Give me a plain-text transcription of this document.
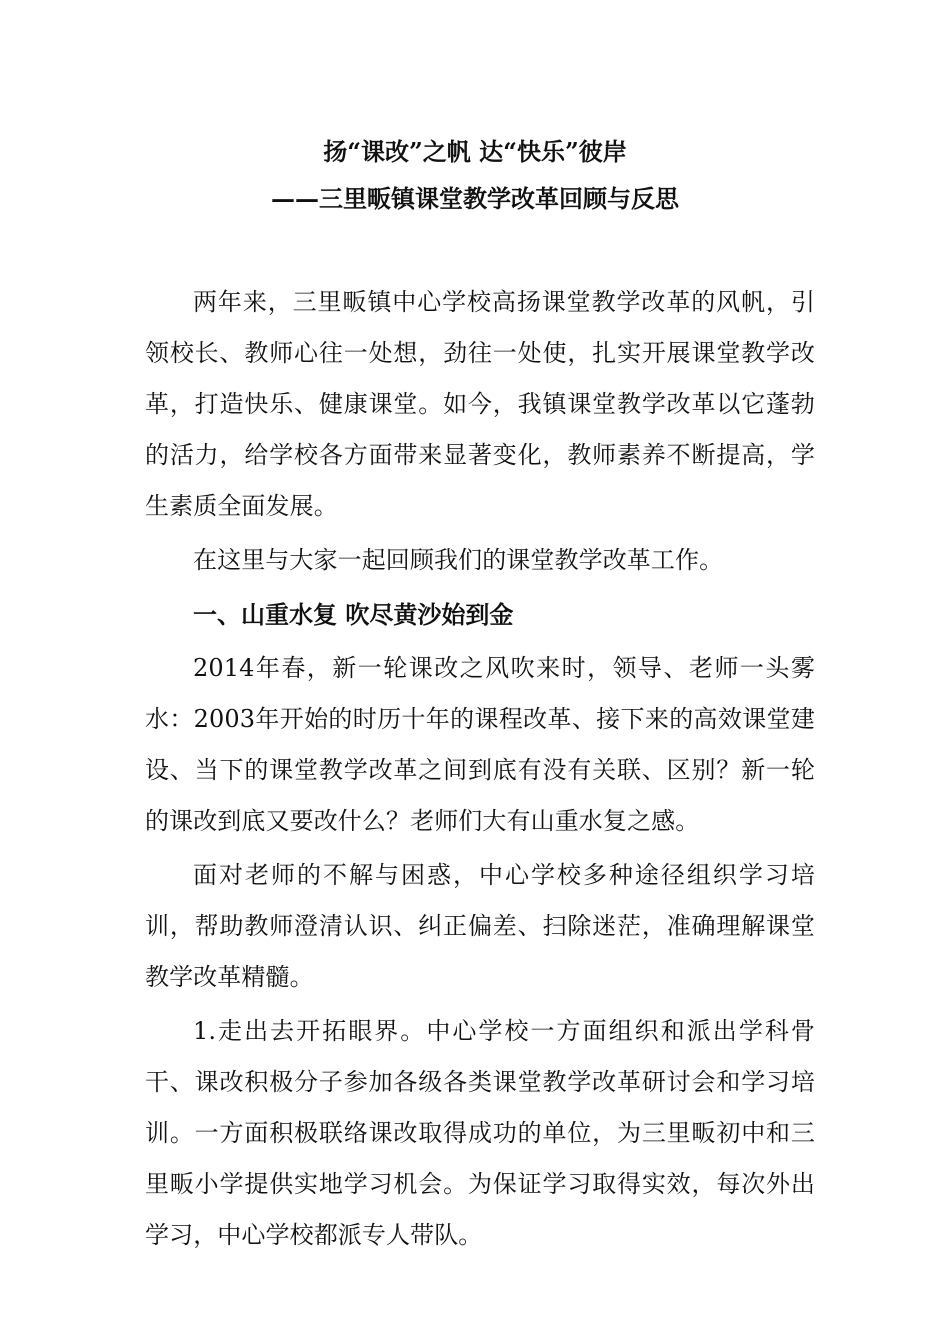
扬“课改”之帆 达“快乐”彼岸
——三里畈镇课堂教学改革回顾与反思

两年来，三里畈镇中心学校高扬课堂教学改革的风帆，引领校长、教师心往一处想，劲往一处使，扎实开展课堂教学改革，打造快乐、健康课堂。如今，我镇课堂教学改革以它蓬勃的活力，给学校各方面带来显著变化，教师素养不断提高，学生素质全面发展。

在这里与大家一起回顾我们的课堂教学改革工作。

一、山重水复 吹尽黄沙始到金

2014年春，新一轮课改之风吹来时，领导、老师一头雾水：2003年开始的时历十年的课程改革、接下来的高效课堂建设、当下的课堂教学改革之间到底有没有关联、区别？新一轮的课改到底又要改什么？老师们大有山重水复之感。

面对老师的不解与困惑，中心学校多种途径组织学习培训，帮助教师澄清认识、纠正偏差、扫除迷茫，准确理解课堂教学改革精髓。

1.走出去开拓眼界。中心学校一方面组织和派出学科骨干、课改积极分子参加各级各类课堂教学改革研讨会和学习培训。一方面积极联络课改取得成功的单位，为三里畈初中和三里畈小学提供实地学习机会。为保证学习取得实效，每次外出学习，中心学校都派专人带队。
